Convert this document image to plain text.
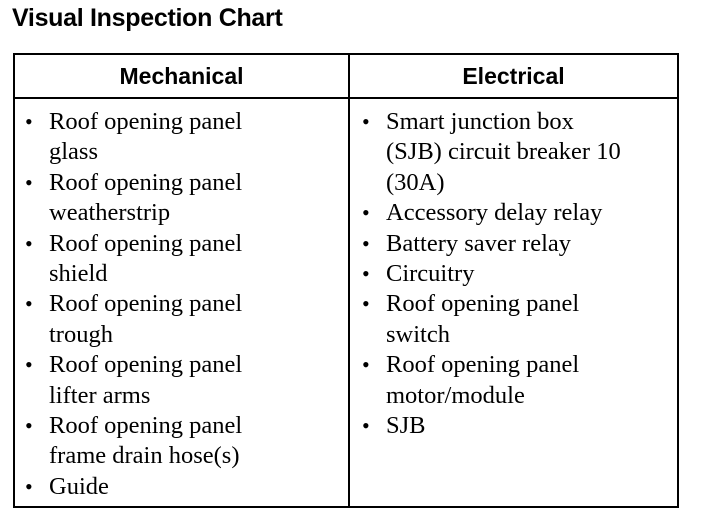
Visual Inspection Chart
Mechanical	Electrical
• Roof opening panel
glass
• Roof opening panel
weatherstrip
• Roof opening panel
shield
• Roof opening panel
trough
• Roof opening panel
lifter arms
• Roof opening panel
frame drain hose(s)
• Guide
• Smart junction box
(SJB) circuit breaker 10
(30A)
• Accessory delay relay
• Battery saver relay
• Circuitry
• Roof opening panel
switch
• Roof opening panel
motor/module
• SJB
